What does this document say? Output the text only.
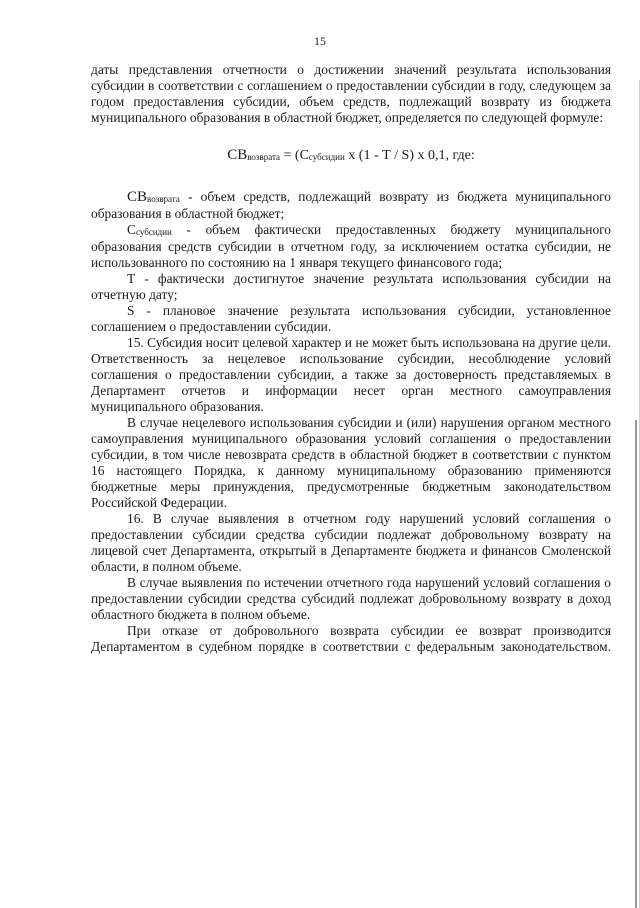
15

даты представления отчетности о достижении значений результата использования субсидии в соответствии с соглашением о предоставлении субсидии в году, следующем за годом предоставления субсидии, объем средств, подлежащий возврату из бюджета муниципального образования в областной бюджет, определяется по следующей формуле:

СВвозврата = (Ссубсидии х (1 - Т / S) х 0,1, где:

СВвозврата - объем средств, подлежащий возврату из бюджета муниципального образования в областной бюджет;

Ссубсидии - объем фактически предоставленных бюджету муниципального образования средств субсидии в отчетном году, за исключением остатка субсидии, не использованного по состоянию на 1 января текущего финансового года;

Т - фактически достигнутое значение результата использования субсидии на отчетную дату;

S - плановое значение результата использования субсидии, установленное соглашением о предоставлении субсидии.

15. Субсидия носит целевой характер и не может быть использована на другие цели. Ответственность за нецелевое использование субсидии, несоблюдение условий соглашения о предоставлении субсидии, а также за достоверность представляемых в Департамент отчетов и информации несет орган местного самоуправления муниципального образования.

В случае нецелевого использования субсидии и (или) нарушения органом местного самоуправления муниципального образования условий соглашения о предоставлении субсидии, в том числе невозврата средств в областной бюджет в соответствии с пунктом 16 настоящего Порядка, к данному муниципальному образованию применяются бюджетные меры принуждения, предусмотренные бюджетным законодательством Российской Федерации.

16. В случае выявления в отчетном году нарушений условий соглашения о предоставлении субсидии средства субсидии подлежат добровольному возврату на лицевой счет Департамента, открытый в Департаменте бюджета и финансов Смоленской области, в полном объеме.

В случае выявления по истечении отчетного года нарушений условий соглашения о предоставлении субсидии средства субсидий подлежат добровольному возврату в доход областного бюджета в полном объеме.

При отказе от добровольного возврата субсидии ее возврат производится Департаментом в судебном порядке в соответствии с федеральным законодательством.
